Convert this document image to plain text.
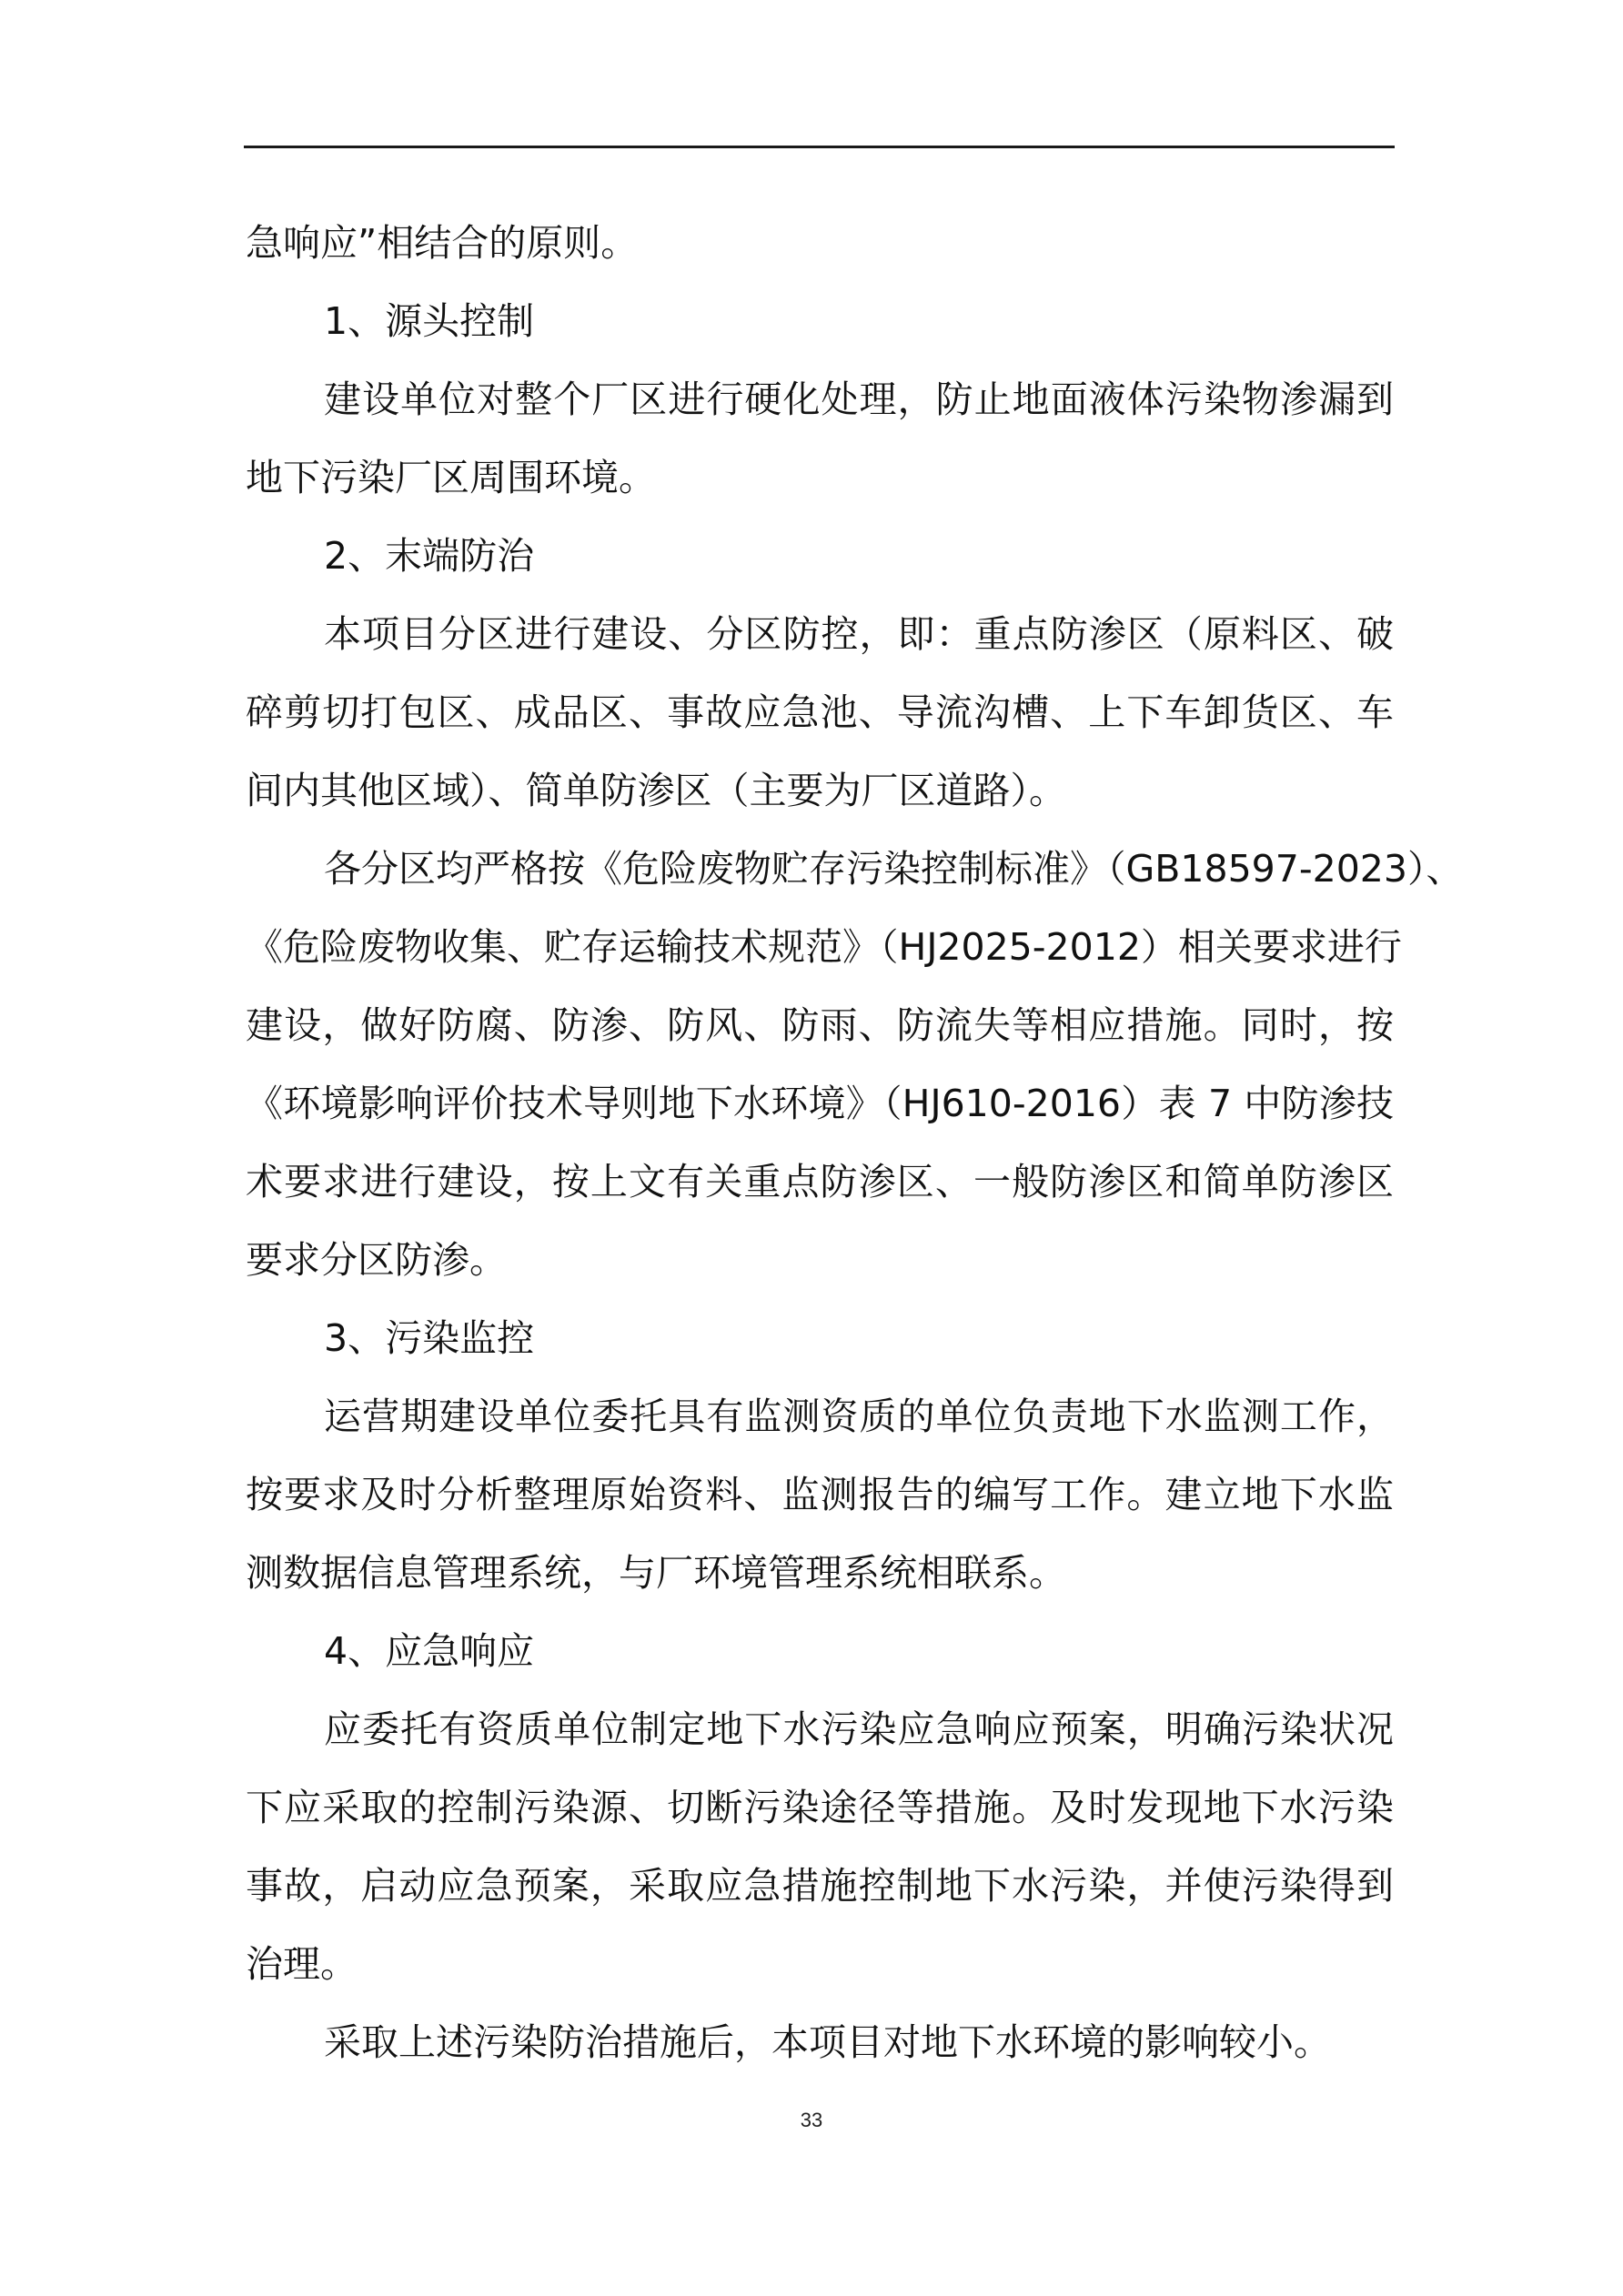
急响应”相结合的原则。
1、源头控制
建设单位对整个厂区进行硬化处理，防止地面液体污染物渗漏到
地下污染厂区周围环境。
2、末端防治
本项目分区进行建设、分区防控，即：重点防渗区（原料区、破
碎剪切打包区、成品区、事故应急池、导流沟槽、上下车卸货区、车
间内其他区域）、简单防渗区（主要为厂区道路）。
各分区均严格按《危险废物贮存污染控制标准》（GB18597-2023）、
《危险废物收集、贮存运输技术规范》（HJ2025-2012）相关要求进行
建设，做好防腐、防渗、防风、防雨、防流失等相应措施。同时，按
《环境影响评价技术导则地下水环境》（HJ610-2016）表 7 中防渗技
术要求进行建设，按上文有关重点防渗区、一般防渗区和简单防渗区
要求分区防渗。
3、污染监控
运营期建设单位委托具有监测资质的单位负责地下水监测工作，
按要求及时分析整理原始资料、监测报告的编写工作。建立地下水监
测数据信息管理系统，与厂环境管理系统相联系。
4、应急响应
应委托有资质单位制定地下水污染应急响应预案，明确污染状况
下应采取的控制污染源、切断污染途径等措施。及时发现地下水污染
事故，启动应急预案，采取应急措施控制地下水污染，并使污染得到
治理。
采取上述污染防治措施后，本项目对地下水环境的影响较小。
33
